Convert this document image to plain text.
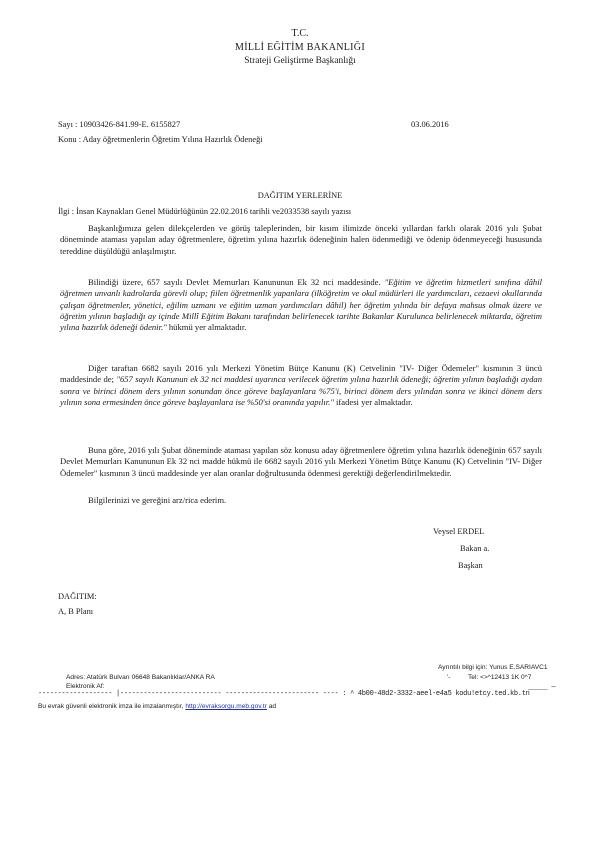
T.C.
MİLLİ EĞİTİM BAKANLIĞI
Strateji Geliştirme Başkanlığı
Sayı : 10903426-841.99-E. 6155827	03.06.2016
Konu : Aday öğretmenlerin Öğretim Yılına Hazırlık Ödeneği
DAĞITIM YERLERİNE
İlgi : İnsan Kaynakları Genel Müdürlüğünün 22.02.2016 tarihli ve2033538 sayılı yazısı
Başkanlığımıza gelen dilekçelerden ve görüş taleplerinden, bir kısım ilimizde önceki yıllardan farklı olarak 2016 yılı Şubat döneminde ataması yapılan aday öğretmenlere, öğretim yılına hazırlık ödeneğinin halen ödenmediği ve ödenip ödenmeyeceği hususunda tereddine düşüldüğü anlaşılmıştır.
Bilindiği üzere, 657 sayılı Devlet Memurları Kanununun Ek 32 nci maddesinde. "Eğitim ve öğretim hizmetleri sınıfına dâhil öğretmen unvanlı kadrolarda görevli olup; fiilen öğretmenlik yapanlara (ilköğretim ve okul müdürleri ile yardımcıları, cezaevi okullarında çalışan öğretmenler, yönetici, eğilim uzmanı ve eğitim uzman yardımcıları dâhil) her öğretim yılında bir defaya mahsus olmak üzere ve öğretim yılının başladığı ay içinde Millî Eğitim Bakanı tarafından belirlenecek tarihte Bakanlar Kurulunca belirlenecek miktarda, öğretim yılına hazırlık ödeneği ödenir." hükmü yer almaktadır.
Diğer taraftan 6682 sayılı 2016 yılı Merkezi Yönetim Bütçe Kanunu (K) Cetvelinin "IV- Diğer Ödemeler" kısmının 3 üncü maddesinde de; "657 sayılı Kanunun ek 32 nci maddesi uyarınca verilecek öğretim yılına hazırlık ödeneği; öğretim yılının başladığı aydan sonra ve birinci dönem ders yılının sonundan önce göreve başlayanlara %75'i, birinci dönem ders yılından sonra ve ikinci dönem ders yılının sona ermesinden önce göreve başlayanlara ise %50'si oranında yapılır." ifadesi yer almaktadır.
Buna göre, 2016 yılı Şubat döneminde ataması yapılan söz konusu aday öğretmenlere öğretim yılına hazırlık ödeneğinin 657 sayılı Devlet Memurları Kanununun Ek 32 nci madde hükmü ile 6682 sayılı 2016 yılı Merkezi Yönetim Bütçe Kanunu (K) Cetvelinin "IV- Diğer Ödemeler" kısmının 3 üncü maddesinde yer alan oranlar doğrultusunda ödenmesi gerektiği değerlendirilmektedir.
Bilgilerinizi ve gereğini arz/rica ederim.
Veysel ERDEL
Bakan a.
Başkan
DAĞITIM:
A, B Planı
Ayrıntılı bilgi için: Yunus E.SARIAVC1
Adres: Atatürk Bulvarı 06648 Bakanlıklar/ANKA RA
Elektronik Af:
'-	Tel: <>^12413 1K 0^7
------------------- |-------------------------- ------------------------ ---- : ^ 4b00-48d2-3332-aeel-e4a5 kodu!etcy.ted.kb.tn
_____ ─
Bu evrak güvenli elektronik imza ile imzalanmıştır, http://evraksorgu.meb.gov.tr ad
